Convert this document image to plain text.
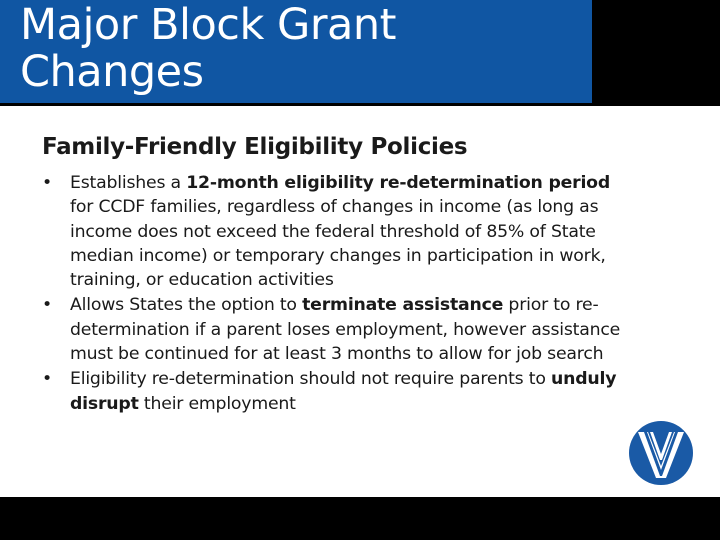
Major Block Grant
Changes
Family-Friendly Eligibility Policies
• Establishes a 12-month eligibility re-determination period for CCDF families, regardless of changes in income (as long as income does not exceed the federal threshold of 85% of State median income) or temporary changes in participation in work, training, or education activities
• Allows States the option to terminate assistance prior to re-determination if a parent loses employment, however assistance must be continued for at least 3 months to allow for job search
• Eligibility re-determination should not require parents to unduly disrupt their employment
